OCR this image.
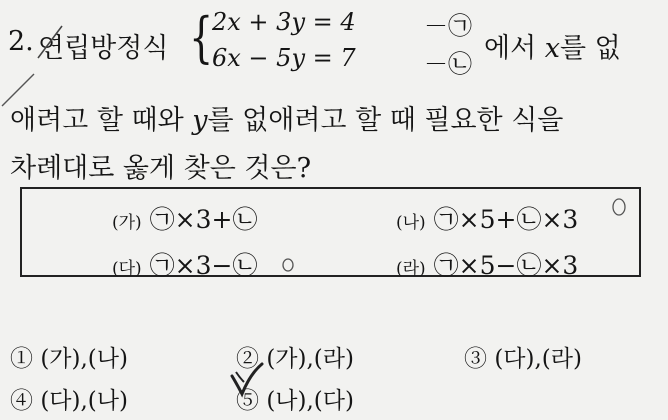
2. 연립방정식 {
2x + 3y = 4	－㉠
6x − 5y = 7	－㉡ 에서 𝑥를 없
애려고 할 때와 𝑦를 없애려고 할 때 필요한 식을
차례대로 옳게 찾은 것은?
(가) ㉠×3+㉡	(나) ㉠×5+㉡×3
(다) ㉠×3−㉡	(라) ㉠×5−㉡×3
① (가),(나)	② (가),(라)	③ (다),(라)
④ (다),(나)	⑤ (나),(다)
